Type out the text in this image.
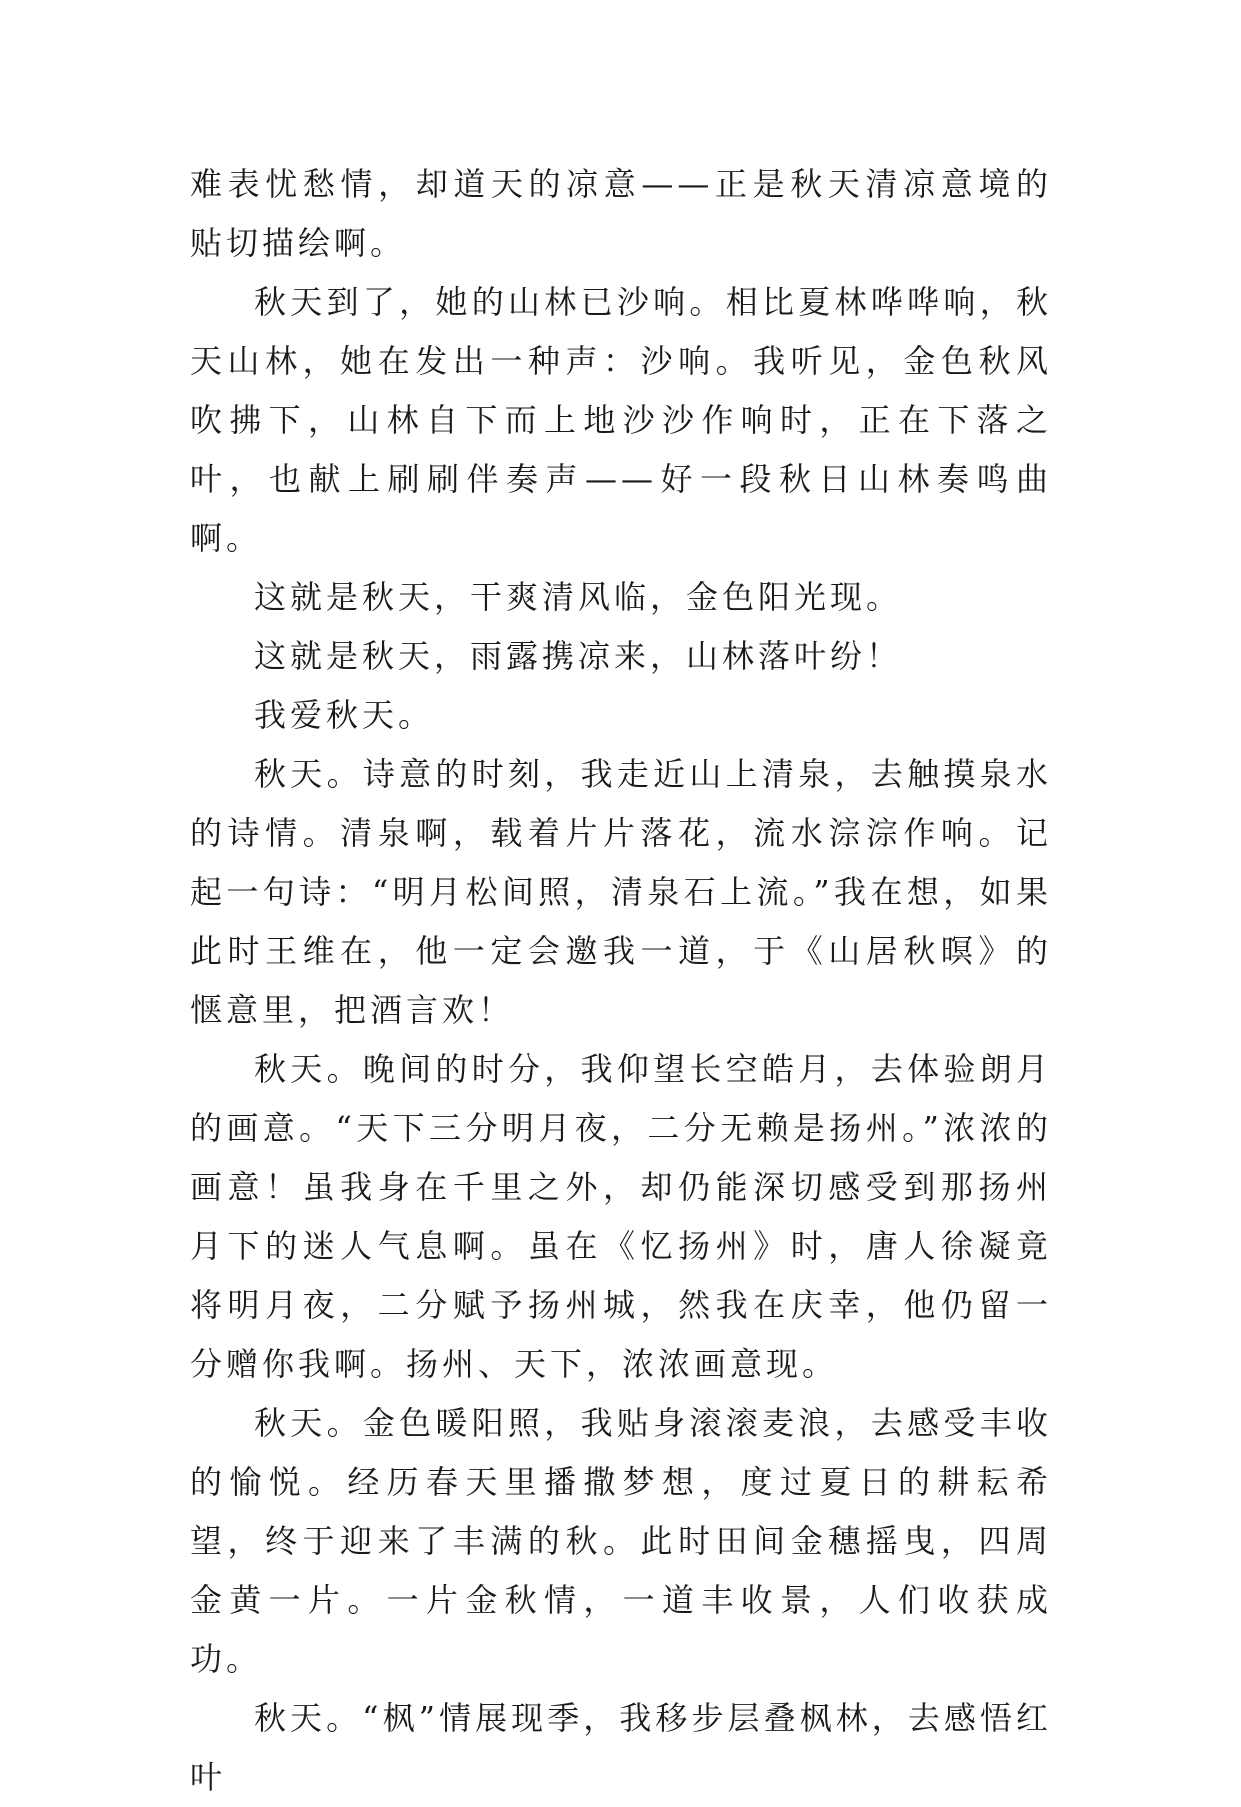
难表忧愁情，却道天的凉意——正是秋天清凉意境的贴切描绘啊。

秋天到了，她的山林已沙响。相比夏林哗哗响，秋天山林，她在发出一种声：沙响。我听见，金色秋风吹拂下，山林自下而上地沙沙作响时，正在下落之叶，也献上刷刷伴奏声——好一段秋日山林奏鸣曲啊。

这就是秋天，干爽清风临，金色阳光现。

这就是秋天，雨露携凉来，山林落叶纷！

我爱秋天。

秋天。诗意的时刻，我走近山上清泉，去触摸泉水的诗情。清泉啊，载着片片落花，流水淙淙作响。记起一句诗：“明月松间照，清泉石上流。”我在想，如果此时王维在，他一定会邀我一道，于《山居秋暝》的惬意里，把酒言欢！

秋天。晚间的时分，我仰望长空皓月，去体验朗月的画意。“天下三分明月夜，二分无赖是扬州。”浓浓的画意！虽我身在千里之外，却仍能深切感受到那扬州月下的迷人气息啊。虽在《忆扬州》时，唐人徐凝竟将明月夜，二分赋予扬州城，然我在庆幸，他仍留一分赠你我啊。扬州、天下，浓浓画意现。

秋天。金色暖阳照，我贴身滚滚麦浪，去感受丰收的愉悦。经历春天里播撒梦想，度过夏日的耕耘希望，终于迎来了丰满的秋。此时田间金穗摇曳，四周金黄一片。一片金秋情，一道丰收景，人们收获成功。

秋天。“枫”情展现季，我移步层叠枫林，去感悟红叶
